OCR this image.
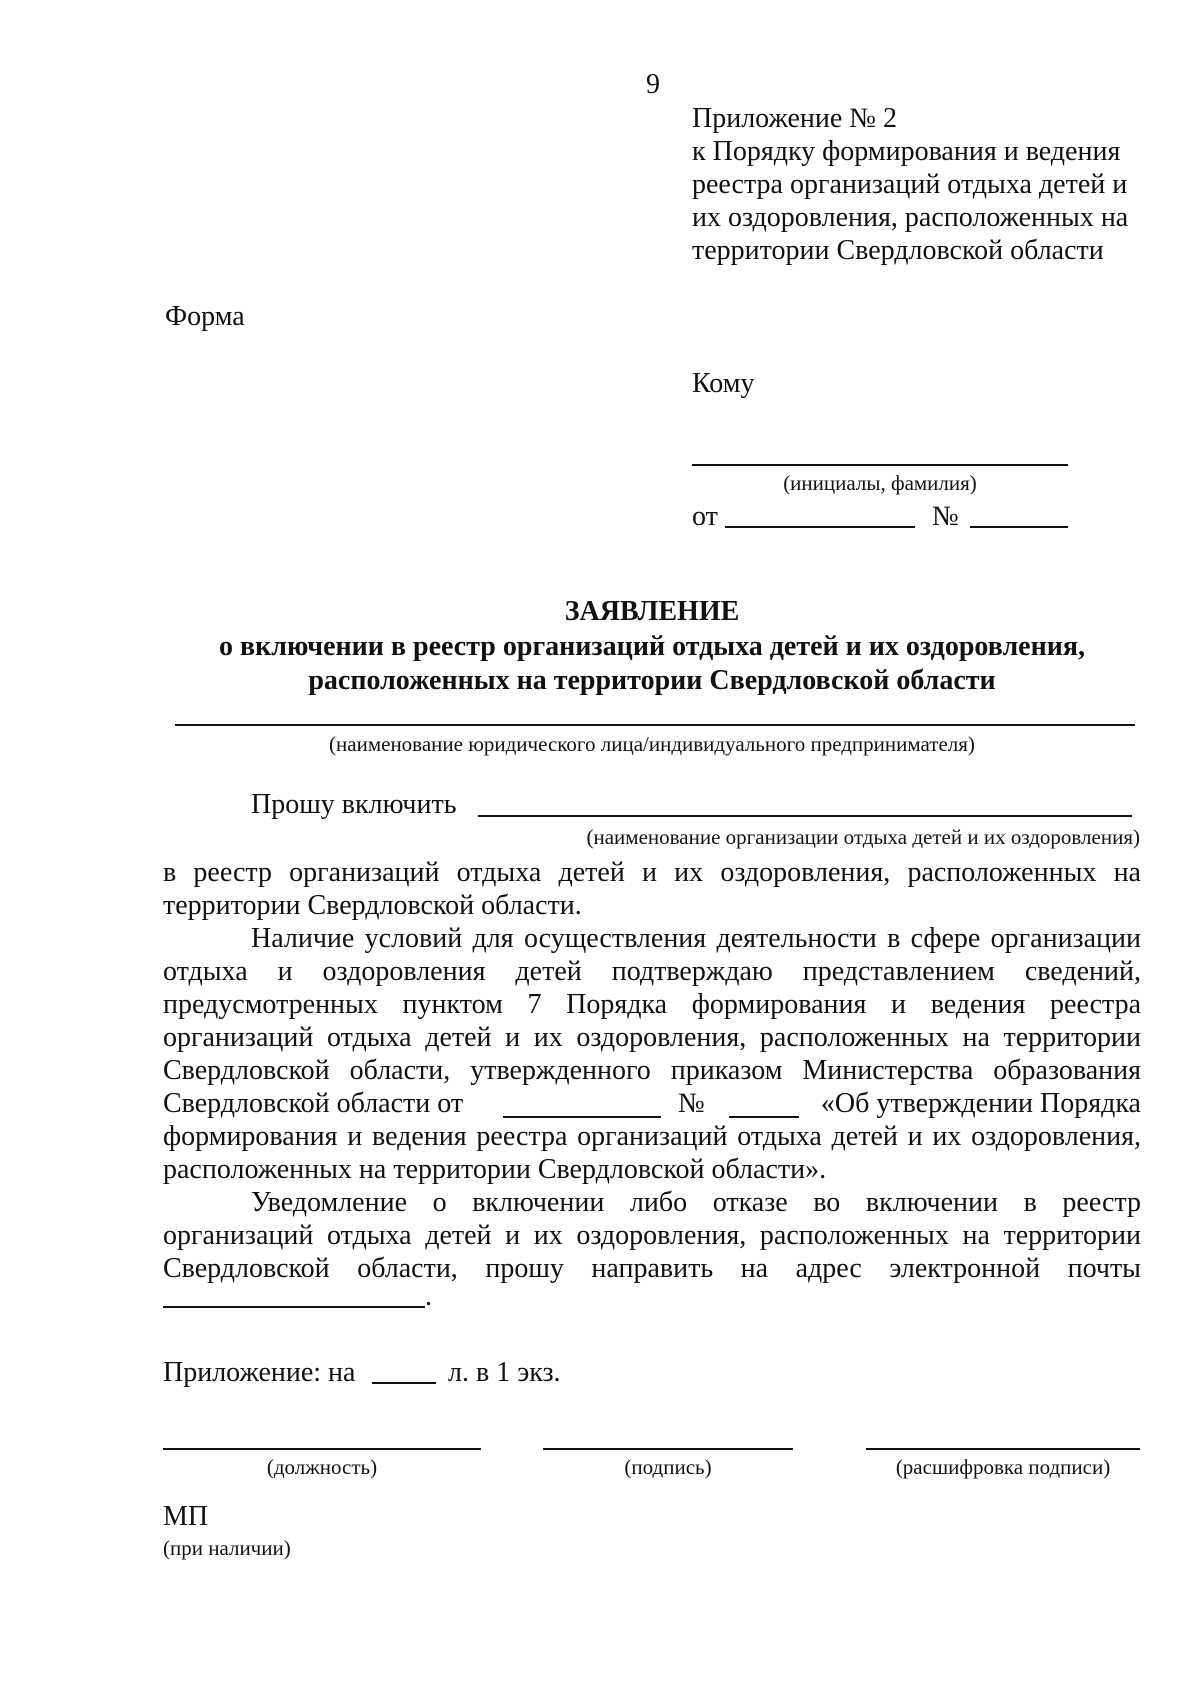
9
Приложение № 2
к Порядку формирования и ведения
реестра организаций отдыха детей и
их оздоровления, расположенных на
территории Свердловской области
Форма
Кому
(инициалы, фамилия)
от	№
ЗАЯВЛЕНИЕ
о включении в реестр организаций отдыха детей и их оздоровления,
расположенных на территории Свердловской области
(наименование юридического лица/индивидуального предпринимателя)
Прошу включить
(наименование организации отдыха детей и их оздоровления)
в реестр организаций отдыха детей и их оздоровления, расположенных на
территории Свердловской области.
Наличие условий для осуществления деятельности в сфере организации
отдыха и оздоровления детей подтверждаю представлением сведений,
предусмотренных пунктом 7 Порядка формирования и ведения реестра
организаций отдыха детей и их оздоровления, расположенных на территории
Свердловской области, утвержденного приказом Министерства образования
Свердловской области от	№	«Об утверждении Порядка
формирования и ведения реестра организаций отдыха детей и их оздоровления,
расположенных на территории Свердловской области».
Уведомление о включении либо отказе во включении в реестр
организаций отдыха детей и их оздоровления, расположенных на территории
Свердловской области, прошу направить на адрес электронной почты
.
Приложение: на	л. в 1 экз.
(должность)	(подпись)	(расшифровка подписи)
МП
(при наличии)
